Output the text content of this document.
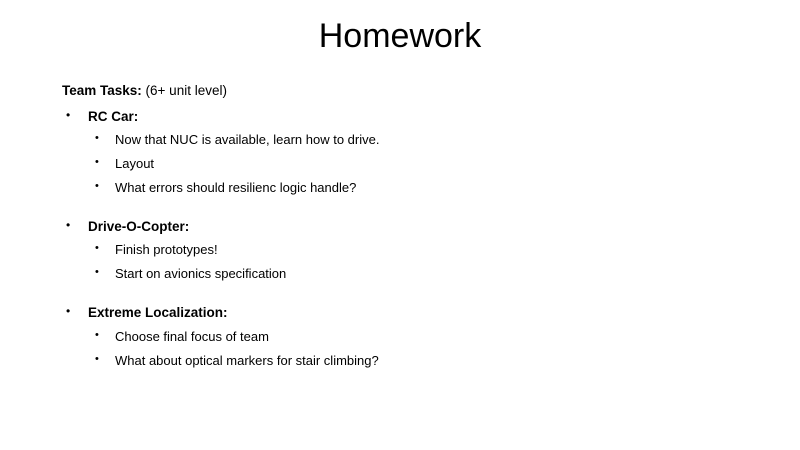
Homework
Team Tasks: (6+ unit level)
• RC Car:
• Now that NUC is available, learn how to drive.
• Layout
• What errors should resilienc logic handle?
• Drive-O-Copter:
• Finish prototypes!
• Start on avionics specification
• Extreme Localization:
• Choose final focus of team
• What about optical markers for stair climbing?
